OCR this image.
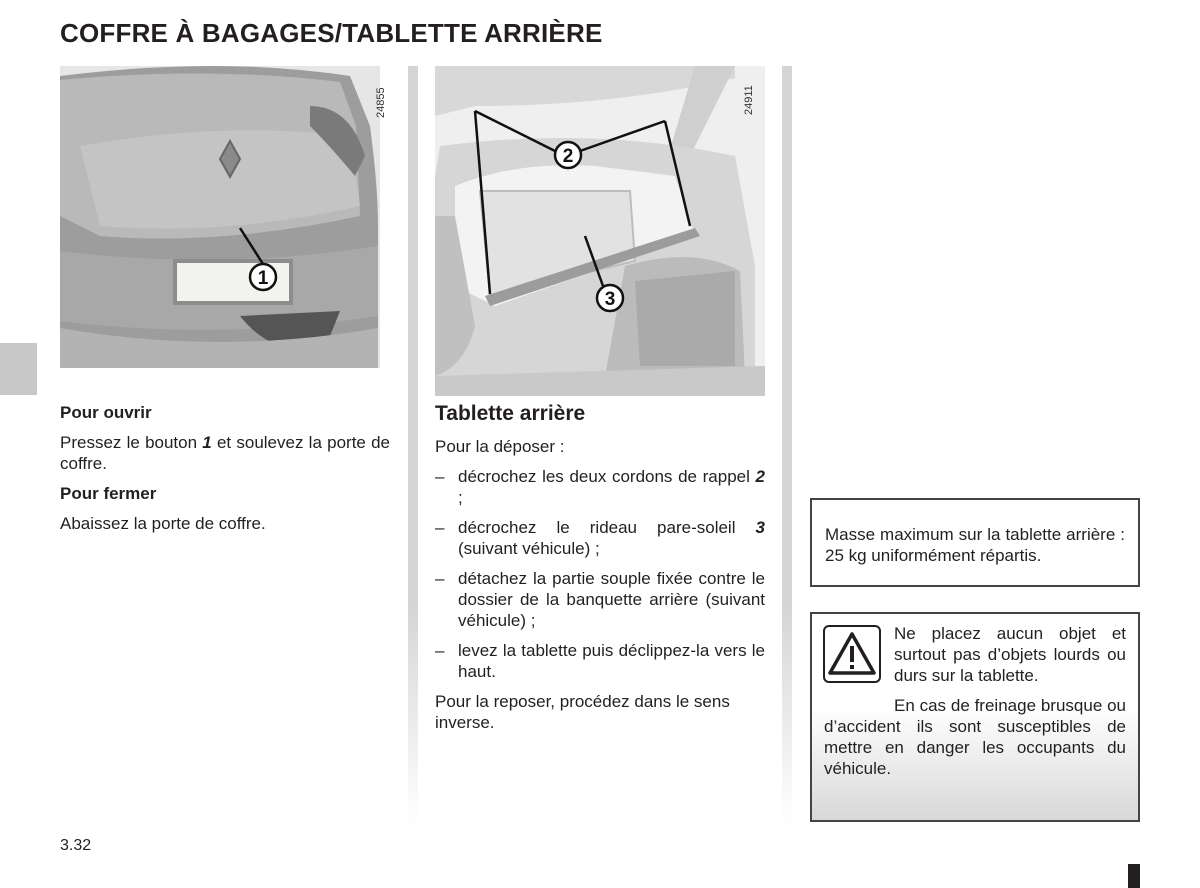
COFFRE À BAGAGES/TABLETTE ARRIÈRE
1
24855
2
3
24911

Pour ouvrir

Pressez le bouton 1 et soulevez la porte de coffre.

Pour fermer

Abaissez la porte de coffre.

Tablette arrière

Pour la déposer :

– décrochez les deux cordons de rappel 2 ;
– décrochez le rideau pare-soleil 3 (suivant véhicule) ;
– détachez la partie souple fixée contre le dossier de la banquette arrière (suivant véhicule) ;
– levez la tablette puis déclippez-la vers le haut.

Pour la reposer, procédez dans le sens inverse.

Masse maximum sur la tablette arrière : 25 kg uniformément répartis.
Ne placez aucun objet et surtout pas d’objets lourds ou durs sur la tablette.
En cas de freinage brusque ou d’accident ils sont susceptibles de mettre en danger les occupants du véhicule.
3.32
